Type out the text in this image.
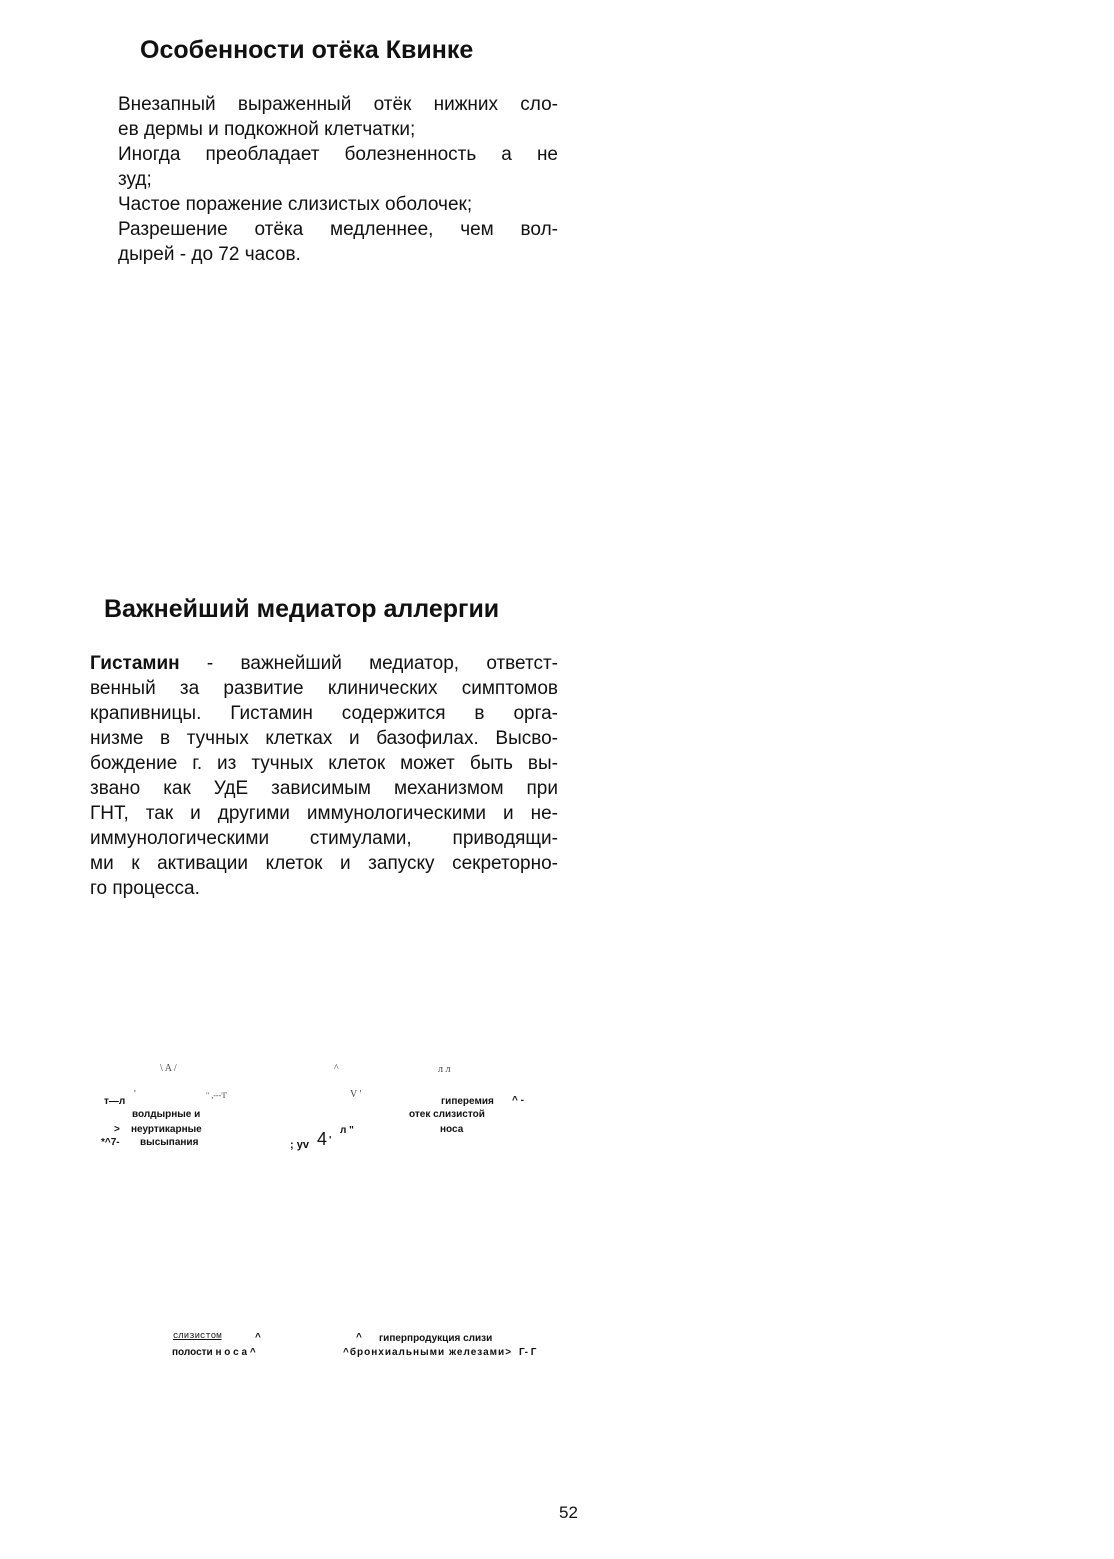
Особенности отёка Квинке
Внезапный выраженный отёк нижних сло-
ев дермы и подкожной клетчатки;
Иногда преобладает болезненность а не
зуд;
Частое поражение слизистых оболочек;
Разрешение отёка медленнее, чем вол-
дырей - до 72 часов.
Важнейший медиатор аллергии
Гистамин - важнейший медиатор, ответст-
венный за развитие клинических симптомов
крапивницы. Гистамин содержится в орга-
низме в тучных клетках и базофилах. Высво-
бождение г. из тучных клеток может быть вы-
звано как УдЕ зависимым механизмом при
ГНТ, так и другими иммунологическими и не-
иммунологическими стимулами, приводящи-
ми к активации клеток и запуску секреторно-
го процесса.
\ A /	^	л л
'	" ,---'Г	V '
т—л	гиперемия ^ -
волдырные и	отек слизистой
> неуртикарные	носа
л "
*^7- высыпания	; yv 4 '
слизистом	^
полости н о с а ^
^ гиперпродукция слизи
^бронхиальными железами> Г- Г
52
